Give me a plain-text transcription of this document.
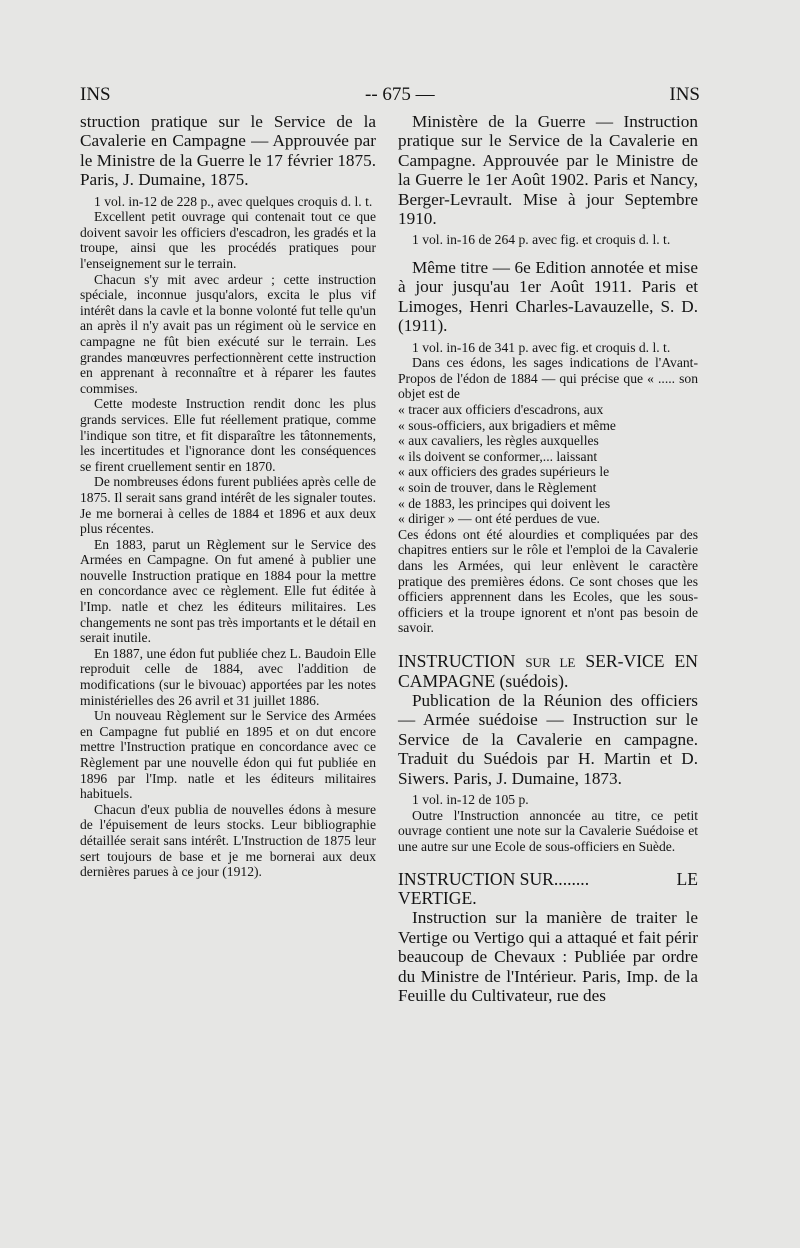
INS	-- 675 —	INS

struction pratique sur le Service de la Cavalerie en Campagne — Approuvée par le Ministre de la Guerre le 17 février 1875. Paris, J. Dumaine, 1875.

1 vol. in-12 de 228 p., avec quelques croquis d. l. t.

Excellent petit ouvrage qui contenait tout ce que doivent savoir les officiers d'escadron, les gradés et la troupe, ainsi que les procédés pratiques pour l'enseignement sur le terrain.

Chacun s'y mit avec ardeur ; cette instruction spéciale, inconnue jusqu'alors, excita le plus vif intérêt dans la cavle et la bonne volonté fut telle qu'un an après il n'y avait pas un régiment où le service en campagne ne fût bien exécuté sur le terrain. Les grandes manœuvres perfectionnèrent cette instruction en apprenant à reconnaître et à réparer les fautes commises.

Cette modeste Instruction rendit donc les plus grands services. Elle fut réellement pratique, comme l'indique son titre, et fit disparaître les tâtonnements, les incertitudes et l'ignorance dont les conséquences se firent cruellement sentir en 1870.

De nombreuses édons furent publiées après celle de 1875. Il serait sans grand intérêt de les signaler toutes. Je me bornerai à celles de 1884 et 1896 et aux deux plus récentes.

En 1883, parut un Règlement sur le Service des Armées en Campagne. On fut amené à publier une nouvelle Instruction pratique en 1884 pour la mettre en concordance avec ce règlement. Elle fut éditée à l'Imp. natle et chez les éditeurs militaires. Les changements ne sont pas très importants et le détail en serait inutile.

En 1887, une édon fut publiée chez L. Baudoin Elle reproduit celle de 1884, avec l'addition de modifications (sur le bivouac) apportées par les notes ministérielles des 26 avril et 31 juillet 1886.

Un nouveau Règlement sur le Service des Armées en Campagne fut publié en 1895 et on dut encore mettre l'Instruction pratique en concordance avec ce Règlement par une nouvelle édon qui fut publiée en 1896 par l'Imp. natle et les éditeurs militaires habituels.

Chacun d'eux publia de nouvelles édons à mesure de l'épuisement de leurs stocks. Leur bibliographie détaillée serait sans intérêt. L'Instruction de 1875 leur sert toujours de base et je me bornerai aux deux dernières parues à ce jour (1912).

Ministère de la Guerre — Instruction pratique sur le Service de la Cavalerie en Campagne. Approuvée par le Ministre de la Guerre le 1er Août 1902. Paris et Nancy, Berger-Levrault. Mise à jour Septembre 1910.

1 vol. in-16 de 264 p. avec fig. et croquis d. l. t.

Même titre — 6e Edition annotée et mise à jour jusqu'au 1er Août 1911. Paris et Limoges, Henri Charles-Lavauzelle, S. D. (1911).

1 vol. in-16 de 341 p. avec fig. et croquis d. l. t.

Dans ces édons, les sages indications de l'Avant-Propos de l'édon de 1884 — qui précise que « ..... son objet est de

« tracer aux officiers d'escadrons, aux

« sous-officiers, aux brigadiers et même

« aux cavaliers, les règles auxquelles

« ils doivent se conformer,... laissant

« aux officiers des grades supérieurs le

« soin de trouver, dans le Règlement

« de 1883, les principes qui doivent les

« diriger » — ont été perdues de vue.

Ces édons ont été alourdies et compliquées par des chapitres entiers sur le rôle et l'emploi de la Cavalerie dans les Armées, qui leur enlèvent le caractère pratique des premières édons. Ce sont choses que les officiers apprennent dans les Ecoles, que les sous-officiers et la troupe ignorent et n'ont pas besoin de savoir.

INSTRUCTION SUR LE SER-VICE EN CAMPAGNE (suédois).

Publication de la Réunion des officiers — Armée suédoise — Instruction sur le Service de la Cavalerie en campagne. Traduit du Suédois par H. Martin et D. Siwers. Paris, J. Dumaine, 1873.

1 vol. in-12 de 105 p.

Outre l'Instruction annoncée au titre, ce petit ouvrage contient une note sur la Cavalerie Suédoise et une autre sur une Ecole de sous-officiers en Suède.

INSTRUCTION SUR........	LE

VERTIGE.

Instruction sur la manière de traiter le Vertige ou Vertigo qui a attaqué et fait périr beaucoup de Chevaux : Publiée par ordre du Ministre de l'Intérieur. Paris, Imp. de la Feuille du Cultivateur, rue des
